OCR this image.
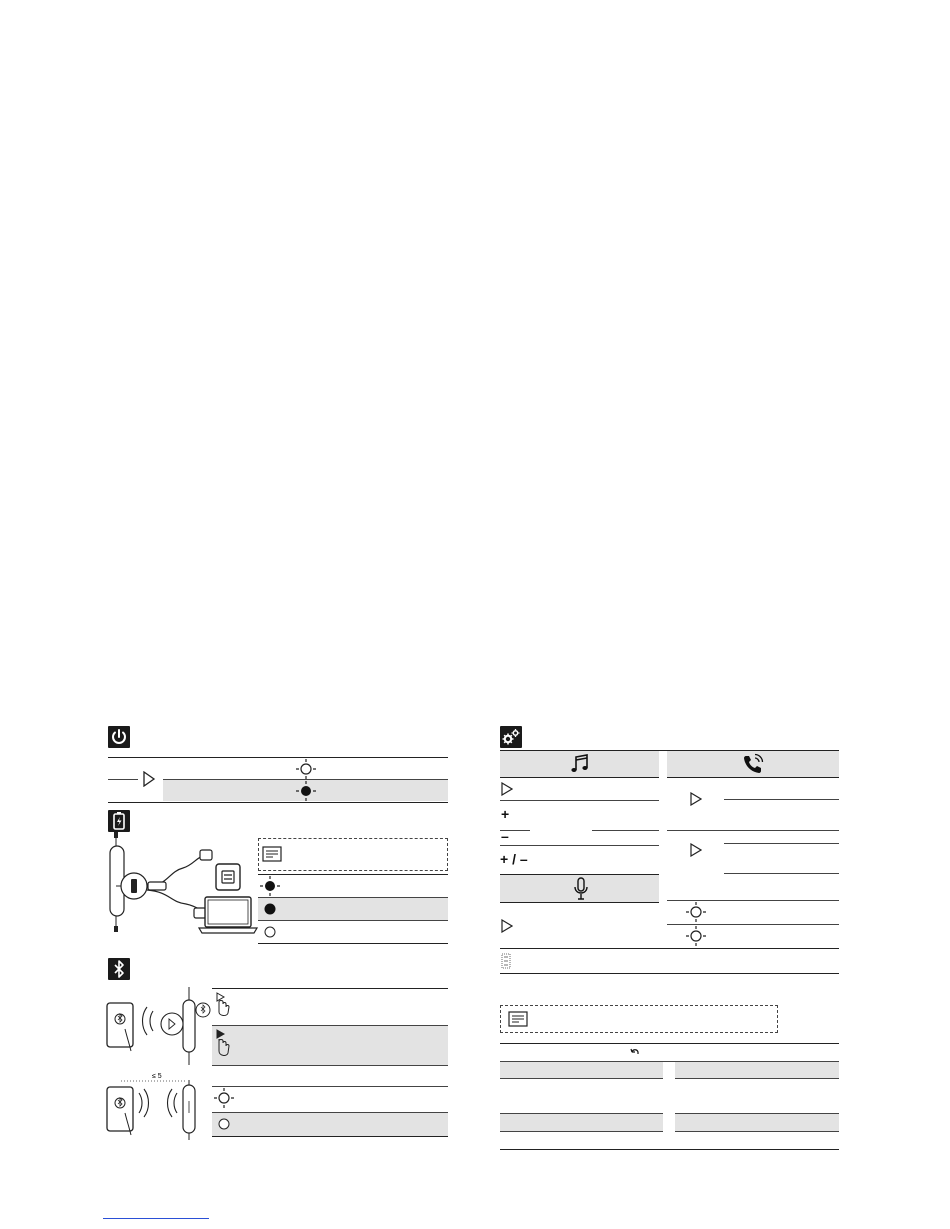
≤ 5
+
–
+ / –
